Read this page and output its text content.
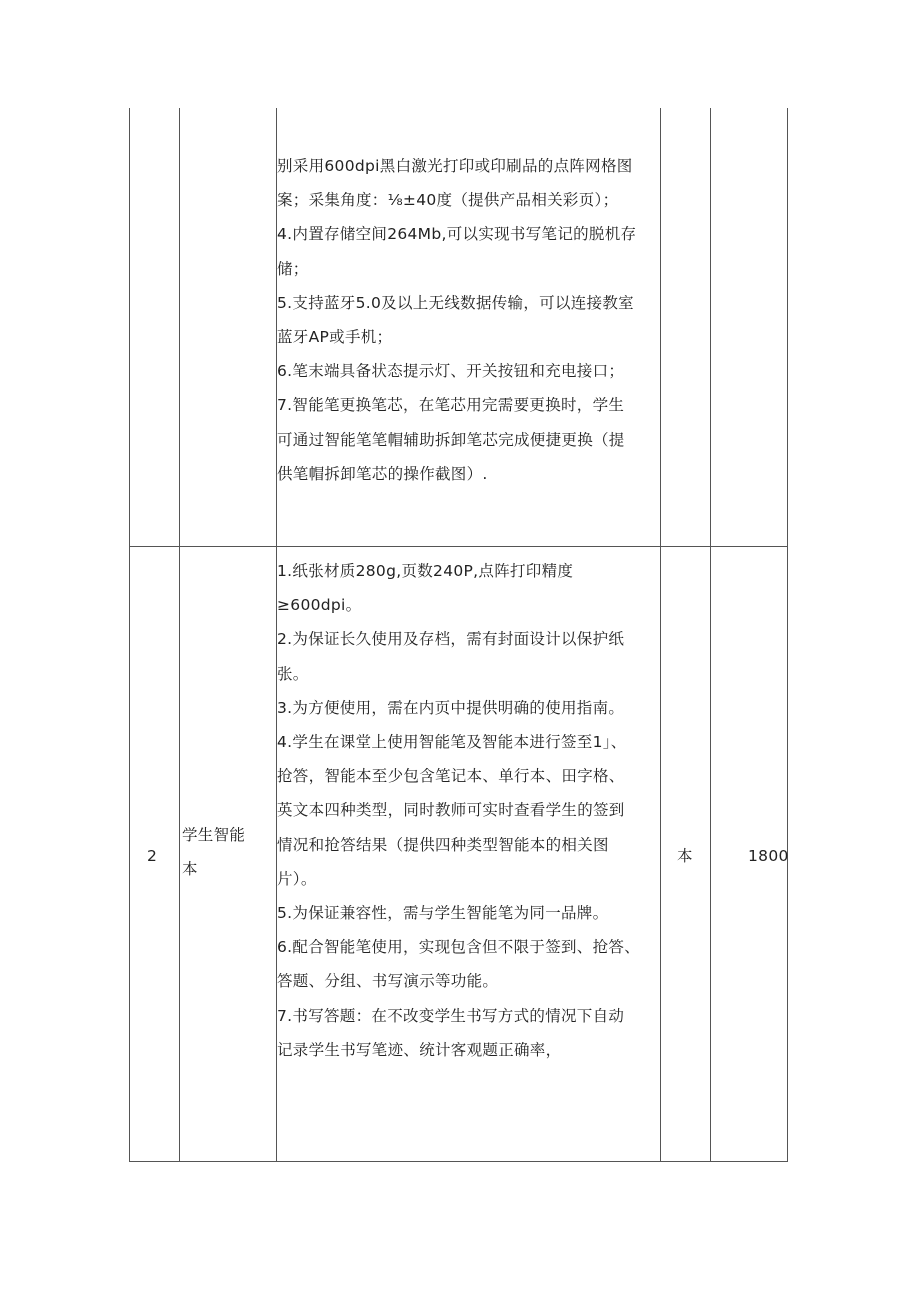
别采用600dpi黑白激光打印或印刷品的点阵网格图
案；采集角度：⅛±40度（提供产品相关彩页）；
4.内置存储空间264Mb,可以实现书写笔记的脱机存
储；
5.支持蓝牙5.0及以上无线数据传输，可以连接教室
蓝牙AP或手机；
6.笔末端具备状态提示灯、开关按钮和充电接口；
7.智能笔更换笔芯，在笔芯用完需要更换时，学生
可通过智能笔笔帽辅助拆卸笔芯完成便捷更换（提
供笔帽拆卸笔芯的操作截图）.
2
学生智能
本
本	1800
1.纸张材质280g,页数240P,点阵打印精度
≥600dpi。
2.为保证长久使用及存档，需有封面设计以保护纸
张。
3.为方便使用，需在内页中提供明确的使用指南。
4.学生在课堂上使用智能笔及智能本进行签至1」、
抢答，智能本至少包含笔记本、单行本、田字格、
英文本四种类型，同时教师可实时查看学生的签到
情况和抢答结果（提供四种类型智能本的相关图
片）。
5.为保证兼容性，需与学生智能笔为同一品牌。
6.配合智能笔使用，实现包含但不限于签到、抢答、
答题、分组、书写演示等功能。
7.书写答题：在不改变学生书写方式的情况下自动
记录学生书写笔迹、统计客观题正确率，
